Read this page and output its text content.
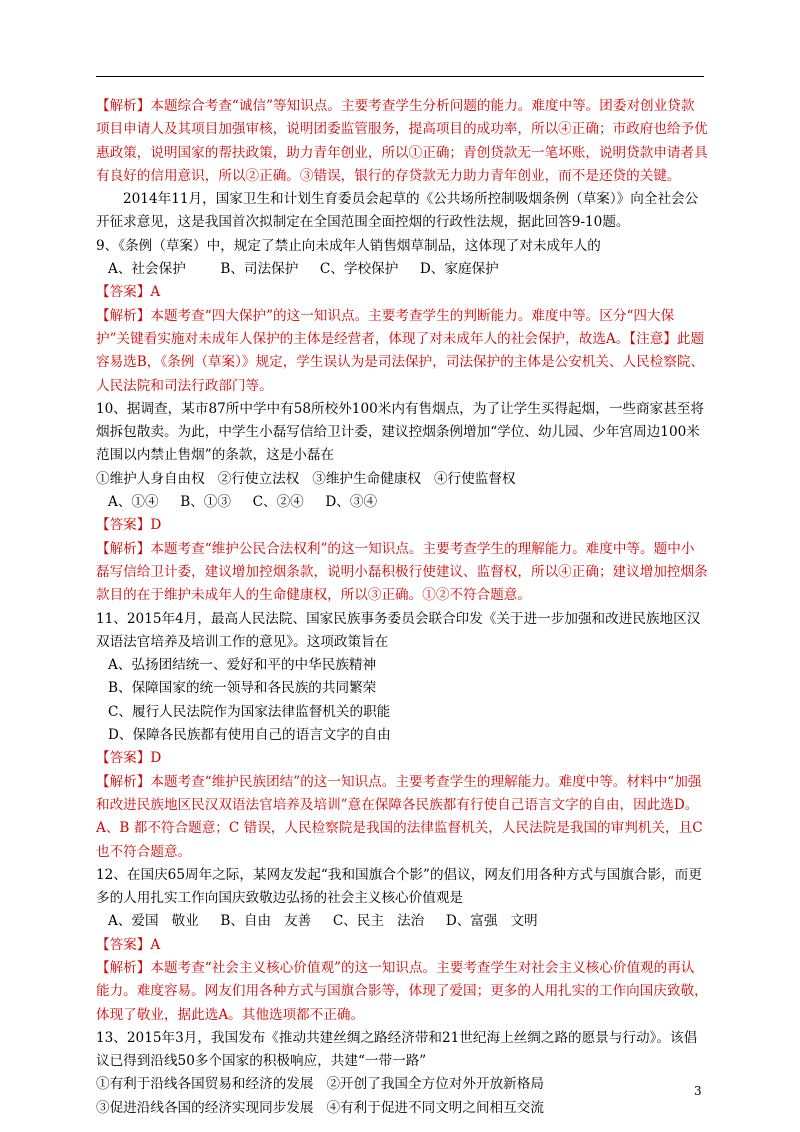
【解析】本题综合考查“诚信”等知识点。主要考查学生分析问题的能力。难度中等。团委对创业贷款项目申请人及其项目加强审核，说明团委监管服务，提高项目的成功率，所以④正确；市政府也给予优惠政策，说明国家的帮扶政策，助力青年创业，所以①正确；青创贷款无一笔坏账，说明贷款申请者具有良好的信用意识，所以②正确。③错误，银行的存贷款无力助力青年创业，而不是还贷的关键。

2014年11月，国家卫生和计划生育委员会起草的《公共场所控制吸烟条例（草案）》向全社会公开征求意见，这是我国首次拟制定在全国范围全面控烟的行政性法规，据此回答9-10题。

9、《条例（草案）中，规定了禁止向未成年人销售烟草制品，这体现了对未成年人的

A、社会保护        B、司法保护     C、学校保护     D、家庭保护

【答案】A

【解析】本题考查“四大保护”的这一知识点。主要考查学生的判断能力。难度中等。区分“四大保护”关键看实施对未成年人保护的主体是经营者，体现了对未成年人的社会保护，故选A。【注意】此题容易选B，《条例（草案）》规定，学生误认为是司法保护，司法保护的主体是公安机关、人民检察院、人民法院和司法行政部门等。

10、据调查，某市87所中学中有58所校外100米内有售烟点，为了让学生买得起烟，一些商家甚至将烟拆包散卖。为此，中学生小磊写信给卫计委，建议控烟条例增加“学位、幼儿园、少年宫周边100米范围以内禁止售烟”的条款，这是小磊在

①维护人身自由权   ②行使立法权   ③维护生命健康权   ④行使监督权

A、①④     B、①③     C、②④     D、③④

【答案】D

【解析】本题考查“维护公民合法权利”的这一知识点。主要考查学生的理解能力。难度中等。题中小磊写信给卫计委，建议增加控烟条款，说明小磊积极行使建议、监督权，所以④正确；建议增加控烟条款目的在于维护未成年人的生命健康权，所以③正确。①②不符合题意。

11、2015年4月，最高人民法院、国家民族事务委员会联合印发《关于进一步加强和改进民族地区汉双语法官培养及培训工作的意见》。这项政策旨在

A、弘扬团结统一、爱好和平的中华民族精神

B、保障国家的统一领导和各民族的共同繁荣

C、履行人民法院作为国家法律监督机关的职能

D、保障各民族都有使用自己的语言文字的自由

【答案】D

【解析】本题考查“维护民族团结”的这一知识点。主要考查学生的理解能力。难度中等。材料中“加强和改进民族地区民汉双语法官培养及培训”意在保障各民族都有行使自己语言文字的自由，因此选D。A、B 都不符合题意；C 错误，人民检察院是我国的法律监督机关，人民法院是我国的审判机关，且C 也不符合题意。

12、在国庆65周年之际，某网友发起“我和国旗合个影”的倡议，网友们用各种方式与国旗合影，而更多的人用扎实工作向国庆致敬边弘扬的社会主义核心价值观是

A、爱国   敬业     B、自由   友善     C、民主   法治     D、富强   文明

【答案】A

【解析】本题考查“社会主义核心价值观”的这一知识点。主要考查学生对社会主义核心价值观的再认能力。难度容易。网友们用各种方式与国旗合影等，体现了爱国；更多的人用扎实的工作向国庆致敬，体现了敬业，据此选A。其他选项都不正确。

13、2015年3月，我国发布《推动共建丝绸之路经济带和21世纪海上丝绸之路的愿景与行动》。该倡议已得到沿线50多个国家的积极响应，共建“一带一路”

①有利于沿线各国贸易和经济的发展   ②开创了我国全方位对外开放新格局

③促进沿线各国的经济实现同步发展   ④有利于促进不同文明之间相互交流

3
